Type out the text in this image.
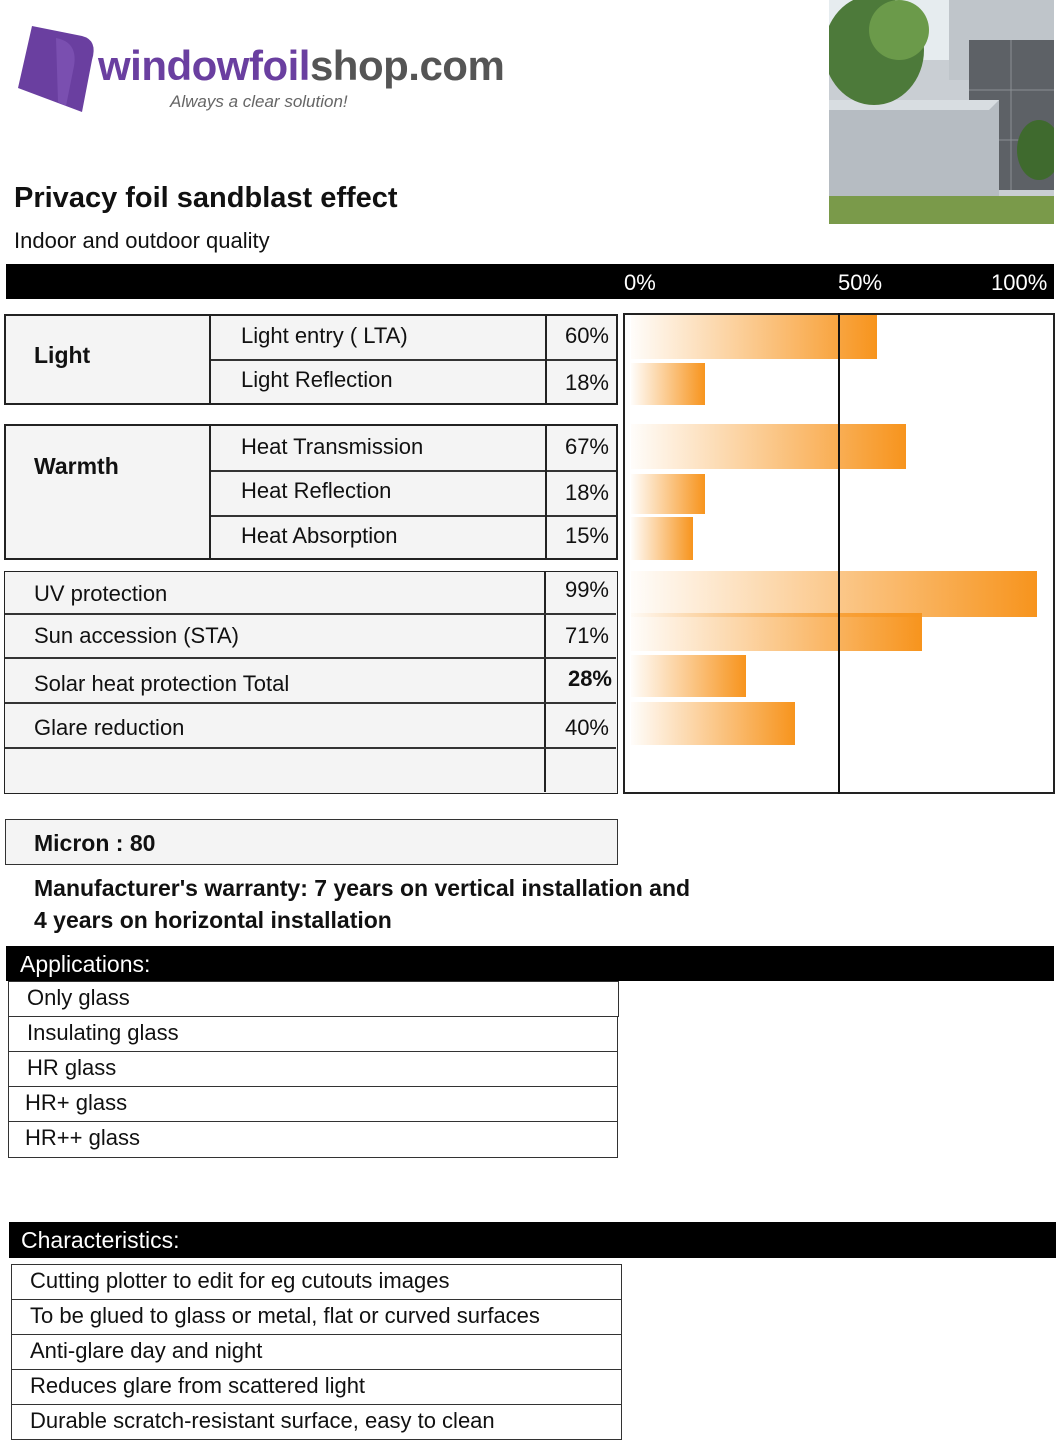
windowfoilshop.com
Always a clear solution!
Privacy foil sandblast effect
Indoor and outdoor quality
0%	50%	100%
Light
Light entry ( LTA)	60%
Light Reflection	18%
Warmth
Heat Transmission	67%
Heat Reflection	18%
Heat Absorption	15%
UV protection	99%
Sun accession (STA)	71%
Solar heat protection Total	28%
Glare reduction	40%
Micron : 80
Manufacturer's warranty: 7 years on vertical installation and
4 years on horizontal installation
Applications:
Only glass
Insulating glass
HR glass
HR+ glass
HR++ glass
Characteristics:
Cutting plotter to edit for eg cutouts images
To be glued to glass or metal, flat or curved surfaces
Anti-glare day and night
Reduces glare from scattered light
Durable scratch-resistant surface, easy to clean
